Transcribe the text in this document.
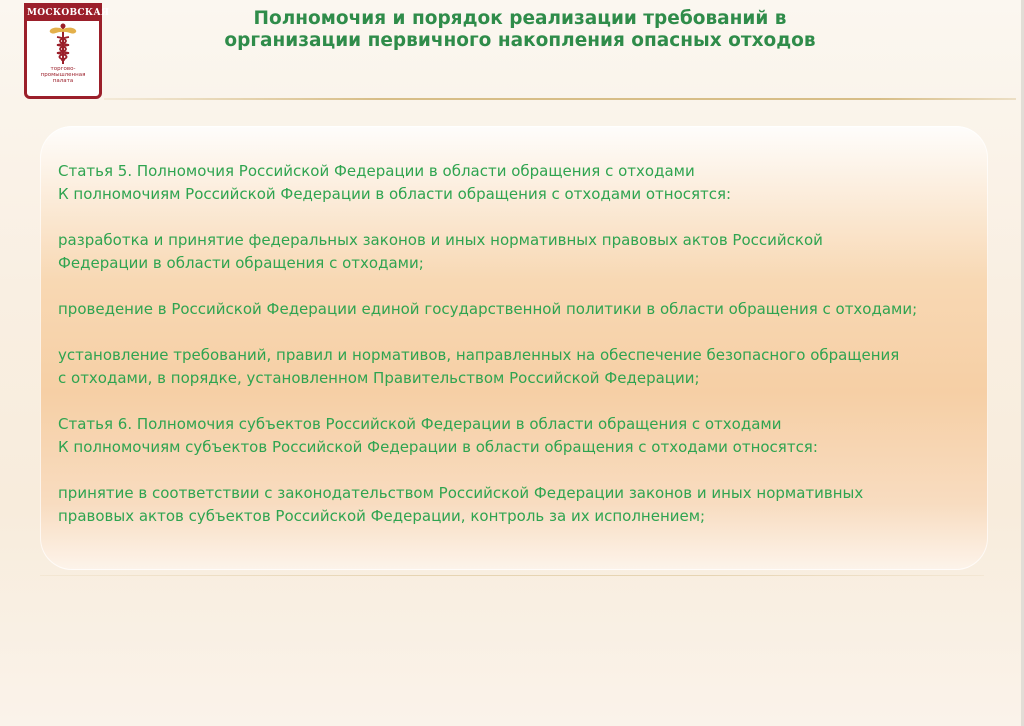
МОСКОВСКАЯ
торгово-
промышленная
палата
Полномочия и порядок реализации требований в
организации первичного накопления опасных отходов

Статья 5. Полномочия Российской Федерации в области обращения с отходами
К полномочиям Российской Федерации в области обращения с отходами относятся:

разработка и принятие федеральных законов и иных нормативных правовых актов Российской
Федерации в области обращения с отходами;

проведение в Российской Федерации единой государственной политики в области обращения с отходами;

установление требований, правил и нормативов, направленных на обеспечение безопасного обращения
с отходами, в порядке, установленном Правительством Российской Федерации;

Статья 6. Полномочия субъектов Российской Федерации в области обращения с отходами
К полномочиям субъектов Российской Федерации в области обращения с отходами относятся:

принятие в соответствии с законодательством Российской Федерации законов и иных нормативных
правовых актов субъектов Российской Федерации, контроль за их исполнением;
